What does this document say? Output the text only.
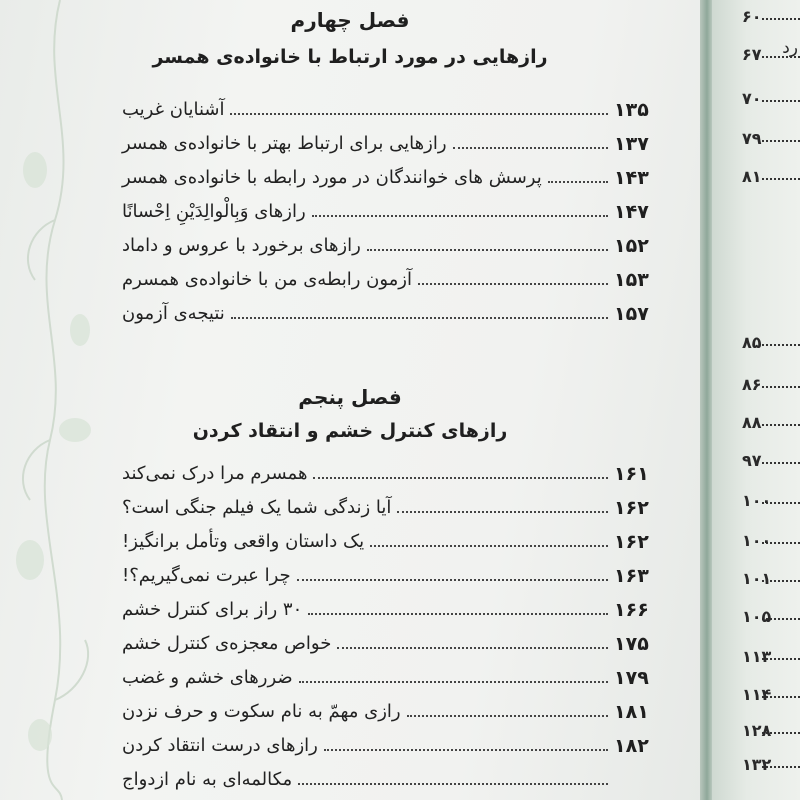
فصل چهارم
رازهایی در مورد ارتباط با خانواده‌ی همسر
آشنایان غریب	۱۳۵
رازهایی برای ارتباط بهتر با خانواده‌ی همسر	۱۳۷
پرسش های خوانندگان در مورد رابطه با خانواده‌ی همسر	۱۴۳
رازهای وَبِالْوالِدَیْنِ اِحْسانًا	۱۴۷
رازهای برخورد با عروس و داماد	۱۵۲
آزمون رابطه‌ی من با خانواده‌ی همسرم	۱۵۳
نتیجه‌ی آزمون	۱۵۷
فصل پنجم
رازهای کنترل خشم و انتقاد کردن
همسرم مرا درک نمی‌کند	۱۶۱
آیا زندگی شما یک فیلم جنگی است؟	۱۶۲
یک داستان واقعی وتأمل برانگیز!	۱۶۲
چرا عبرت نمی‌گیریم؟!	۱۶۳
۳۰ راز برای کنترل خشم	۱۶۶
خواص معجزه‌ی کنترل خشم	۱۷۵
ضررهای خشم و غضب	۱۷۹
رازی مهمّ به نام سکوت و حرف نزدن	۱۸۱
رازهای درست انتقاد کردن	۱۸۲
مکالمه‌ای به نام ازدواج
رد
۶۰
۶۷
۷۰
۷۹
۸۱
۸۵
۸۶
۸۸
۹۷
۱۰۰
۱۰۰
۱۰۱
۱۰۵
۱۱۳
۱۱۴
۱۲۸
۱۳۲
